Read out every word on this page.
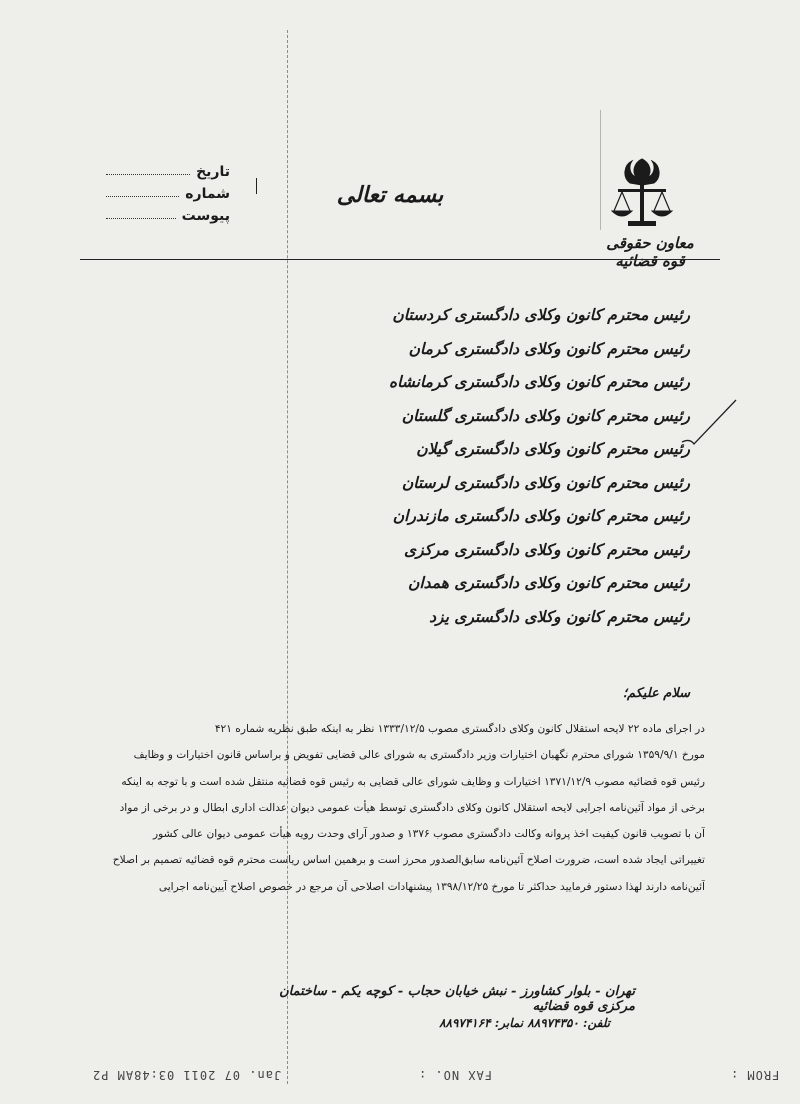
معاون حقوقی قوه قضائیه
بسمه تعالی
تاریخ
شماره
پیوست
رئیس محترم کانون وکلای دادگستری کردستان
رئیس محترم کانون وکلای دادگستری کرمان
رئیس محترم کانون وکلای دادگستری کرمانشاه
رئیس محترم کانون وکلای دادگستری گلستان
رئیس محترم کانون وکلای دادگستری گیلان
رئیس محترم کانون وکلای دادگستری لرستان
رئیس محترم کانون وکلای دادگستری مازندران
رئیس محترم کانون وکلای دادگستری مرکزی
رئیس محترم کانون وکلای دادگستری همدان
رئیس محترم کانون وکلای دادگستری یزد
سلام علیکم؛
در اجرای ماده ۲۲ لایحه استقلال کانون وکلای دادگستری مصوب ۱۳۳۳/۱۲/۵ نظر به اینکه طبق نظریه شماره ۴۲۱
مورخ ۱۳۵۹/۹/۱ شورای محترم نگهبان اختیارات وزیر دادگستری به شورای عالی قضایی تفویض و براساس قانون اختیارات و وظایف
رئیس قوه قضائیه مصوب ۱۳۷۱/۱۲/۹ اختیارات و وظایف شورای عالی قضایی به رئیس قوه قضائیه منتقل شده است و با توجه به اینکه
برخی از مواد آئین‌نامه اجرایی لایحه استقلال کانون وکلای دادگستری توسط هیأت عمومی دیوان عدالت اداری ابطال و در برخی از مواد
آن با تصویب قانون کیفیت اخذ پروانه وکالت دادگستری مصوب ۱۳۷۶ و صدور آرای وحدت رویه هیأت عمومی دیوان عالی کشور
تغییراتی ایجاد شده است، ضرورت اصلاح آئین‌نامه سابق‌الصدور محرز است و برهمین اساس ریاست محترم قوه قضائیه تصمیم بر اصلاح
آئین‌نامه دارند لهذا دستور فرمایید حداکثر تا مورخ ۱۳۹۸/۱۲/۲۵ پیشنهادات اصلاحی آن مرجع در خصوص اصلاح آیین‌نامه اجرایی
تهران - بلوار کشاورز - نبش خیابان حجاب - کوچه یکم - ساختمان مرکزی قوه قضائیه
تلفن: ۸۸۹۷۴۳۵۰ نمابر: ۸۸۹۷۴۱۶۴
FROM :
FAX NO. :
Jan. 07 2011 03:48AM P2
